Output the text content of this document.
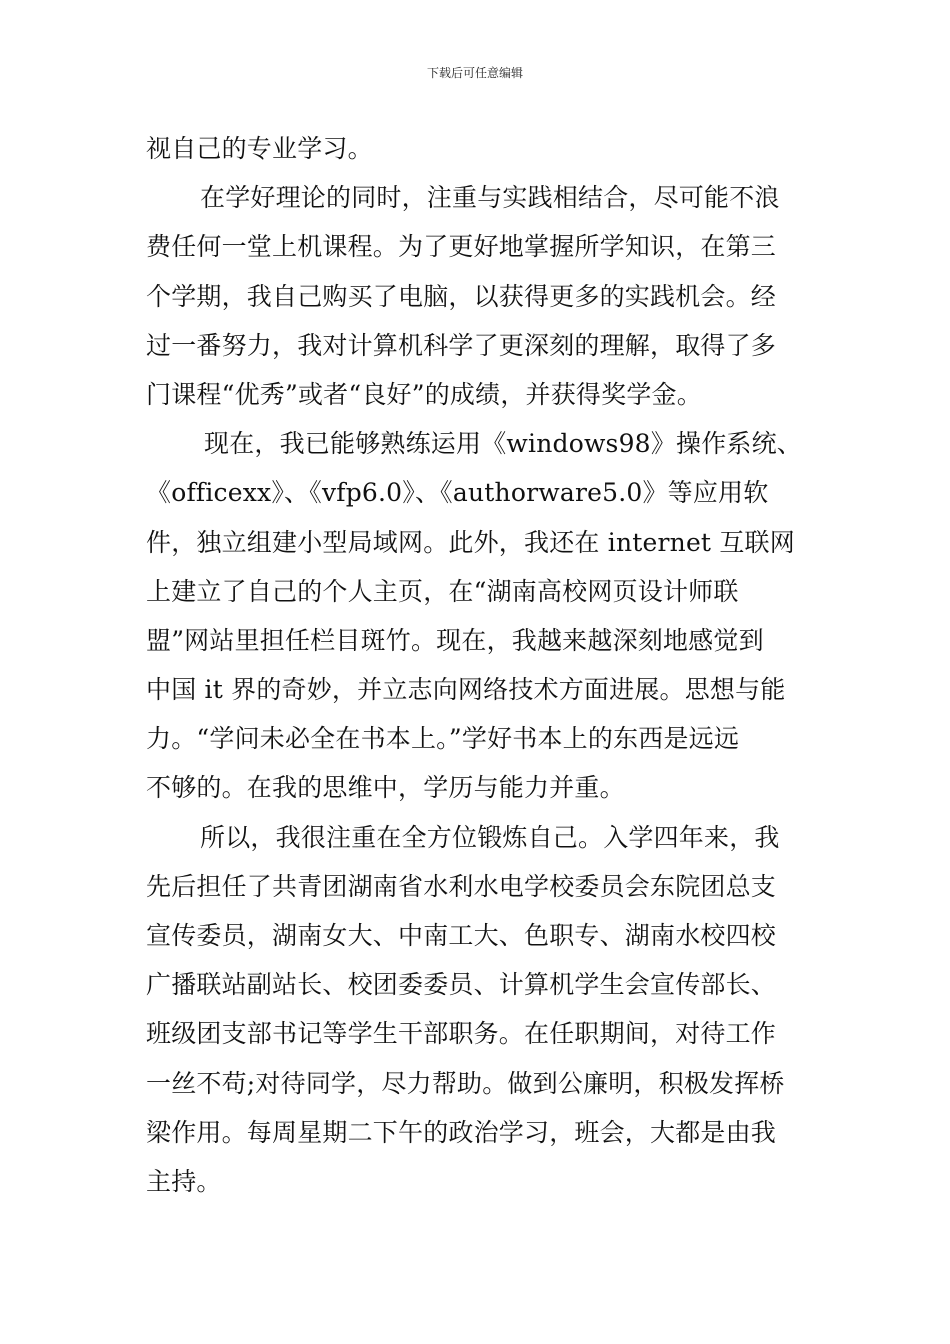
下载后可任意编辑
视自己的专业学习。
在学好理论的同时，注重与实践相结合，尽可能不浪
费任何一堂上机课程。为了更好地掌握所学知识，在第三
个学期，我自己购买了电脑，以获得更多的实践机会。经
过一番努力，我对计算机科学了更深刻的理解，取得了多
门课程“优秀”或者“良好”的成绩，并获得奖学金。
现在，我已能够熟练运用《windows98》操作系统、
《officexx》、《vfp6.0》、《authorware5.0》等应用软
件，独立组建小型局域网。此外，我还在 internet 互联网
上建立了自己的个人主页，在“湖南高校网页设计师联
盟”网站里担任栏目斑竹。现在，我越来越深刻地感觉到
中国 it 界的奇妙，并立志向网络技术方面进展。思想与能
力。“学问未必全在书本上。”学好书本上的东西是远远
不够的。在我的思维中，学历与能力并重。
所以，我很注重在全方位锻炼自己。入学四年来，我
先后担任了共青团湖南省水利水电学校委员会东院团总支
宣传委员，湖南女大、中南工大、色职专、湖南水校四校
广播联站副站长、校团委委员、计算机学生会宣传部长、
班级团支部书记等学生干部职务。在任职期间，对待工作
一丝不苟;对待同学，尽力帮助。做到公廉明，积极发挥桥
梁作用。每周星期二下午的政治学习，班会，大都是由我
主持。
